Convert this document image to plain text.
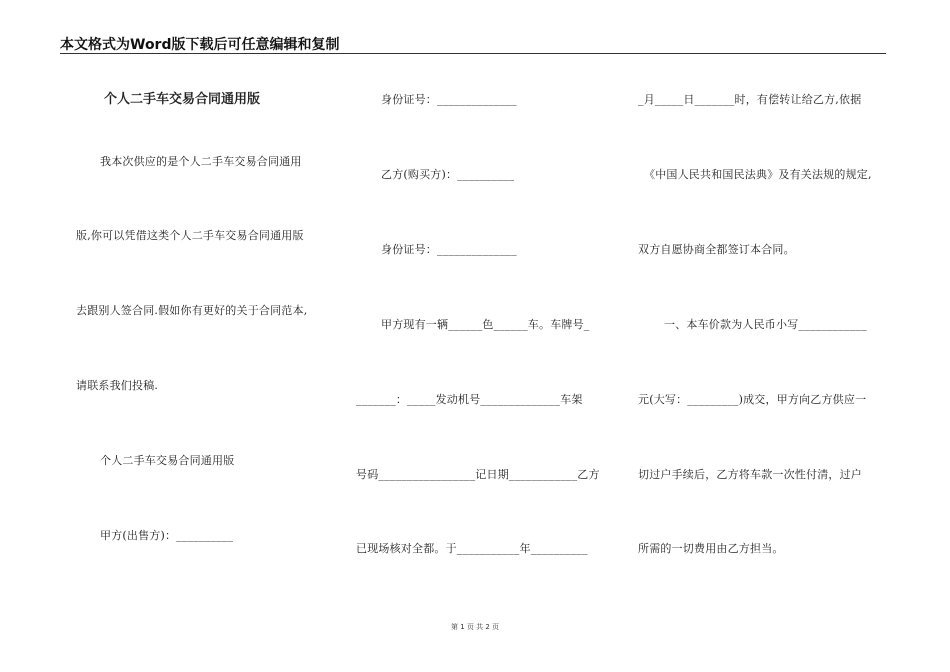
本文格式为Word版下载后可任意编辑和复制
个人二手车交易合同通用版
我本次供应的是个人二手车交易合同通用
版,你可以凭借这类个人二手车交易合同通用版
去跟别人签合同.假如你有更好的关于合同范本,
请联系我们投稿.
个人二手车交易合同通用版
甲方(出售方)：__________
身份证号：______________
乙方(购买方)：__________
身份证号：______________
甲方现有一辆______色______车。车牌号_
_______：_____发动机号______________车架
号码_________________记日期____________乙方
已现场核对全都。于___________年__________
_月_____日_______时，有偿转让给乙方,依据
《中国人民共和国民法典》及有关法规的规定,
双方自愿协商全都签订本合同。
一、本车价款为人民币小写____________
元(大写：_________)成交，甲方向乙方供应一
切过户手续后，乙方将车款一次性付清，过户
所需的一切费用由乙方担当。
第 1 页 共 2 页
